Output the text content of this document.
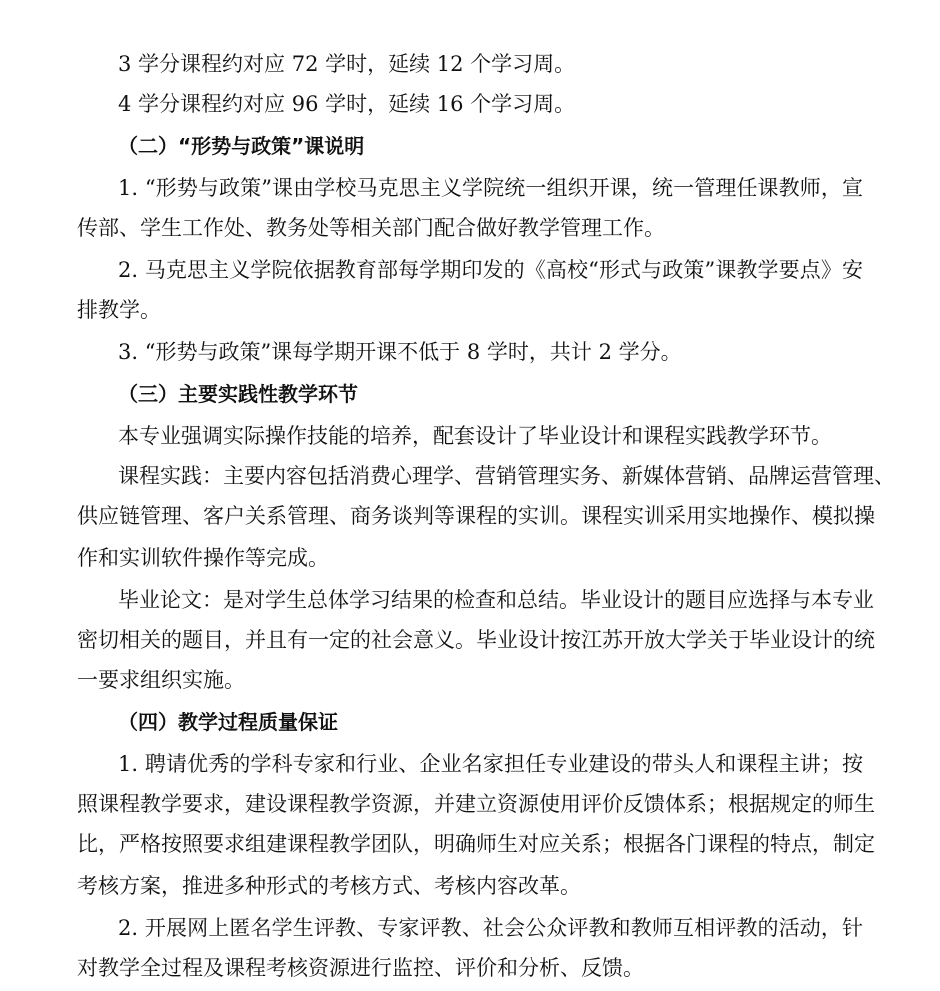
3 学分课程约对应 72 学时，延续 12 个学习周。
4 学分课程约对应 96 学时，延续 16 个学习周。
（二）“形势与政策”课说明
1. “形势与政策”课由学校马克思主义学院统一组织开课，统一管理任课教师，宣
传部、学生工作处、教务处等相关部门配合做好教学管理工作。
2. 马克思主义学院依据教育部每学期印发的《高校“形式与政策”课教学要点》安
排教学。
3. “形势与政策”课每学期开课不低于 8 学时，共计 2 学分。
（三）主要实践性教学环节
本专业强调实际操作技能的培养，配套设计了毕业设计和课程实践教学环节。
课程实践：主要内容包括消费心理学、营销管理实务、新媒体营销、品牌运营管理、
供应链管理、客户关系管理、商务谈判等课程的实训。课程实训采用实地操作、模拟操
作和实训软件操作等完成。
毕业论文：是对学生总体学习结果的检查和总结。毕业设计的题目应选择与本专业
密切相关的题目，并且有一定的社会意义。毕业设计按江苏开放大学关于毕业设计的统
一要求组织实施。
（四）教学过程质量保证
1. 聘请优秀的学科专家和行业、企业名家担任专业建设的带头人和课程主讲；按
照课程教学要求，建设课程教学资源，并建立资源使用评价反馈体系；根据规定的师生
比，严格按照要求组建课程教学团队，明确师生对应关系；根据各门课程的特点，制定
考核方案，推进多种形式的考核方式、考核内容改革。
2. 开展网上匿名学生评教、专家评教、社会公众评教和教师互相评教的活动，针
对教学全过程及课程考核资源进行监控、评价和分析、反馈。
